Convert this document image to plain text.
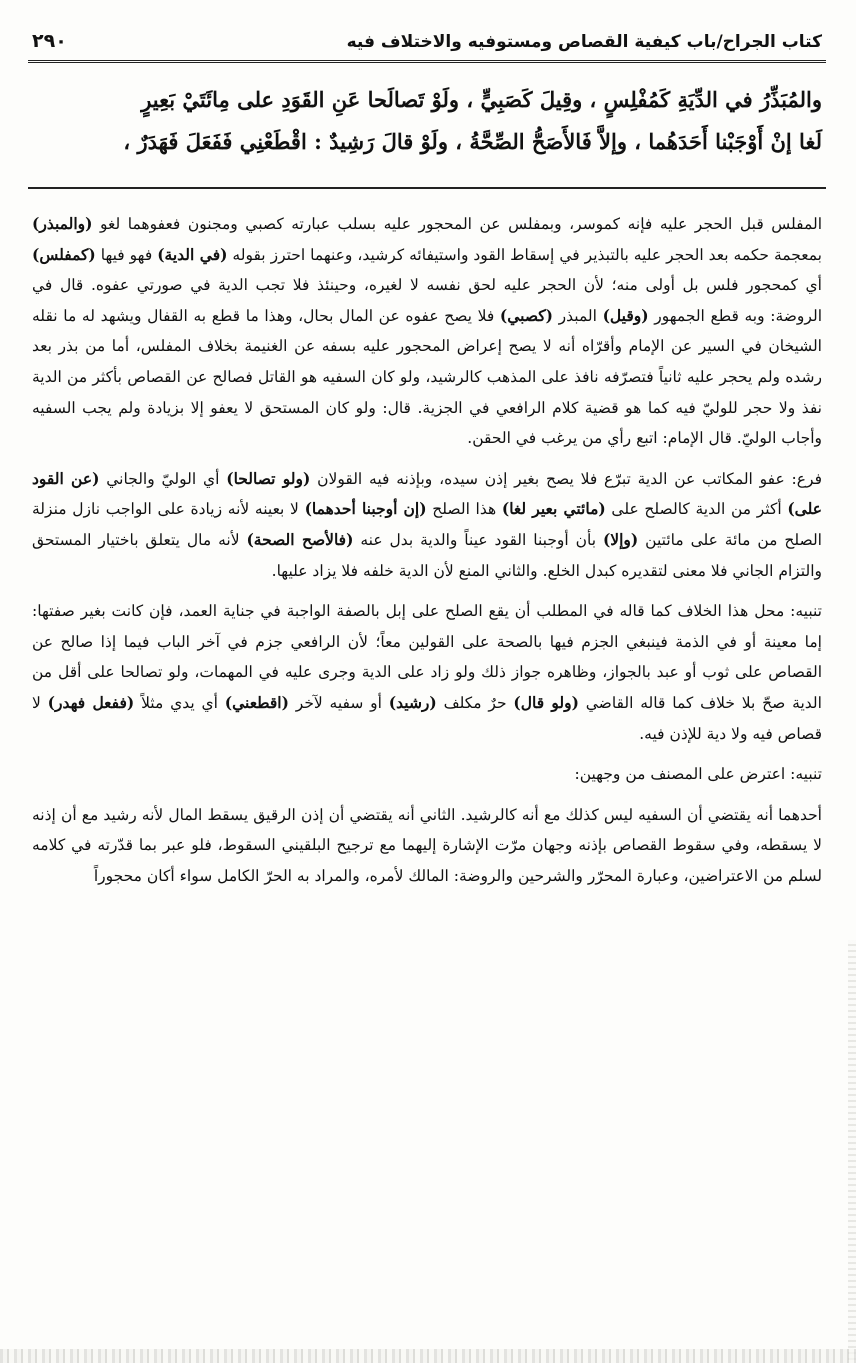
كتاب الجراح/باب كيفية القصاص ومستوفيه والاختلاف فيه
٢٩٠

والمُبَذِّرُ في الدِّيَةِ كَمُفْلِسٍ ، وقِيلَ كَصَبِيٍّ ، ولَوْ تَصالَحا عَنِ القَوَدِ على مِائَتَيْ بَعِيرٍ

لَغا إنْ أَوْجَبْنا أَحَدَهُما ، وإلاَّ فَالأَصَحُّ الصِّحَّةُ ، ولَوْ قالَ رَشِيدٌ : اقْطَعْنِي فَفَعَلَ فَهَدَرٌ ،

المفلس قبل الحجر عليه فإنه كموسر، وبمفلس عن المحجور عليه بسلب عبارته كصبي ومجنون فعفوهما لغو (والمبذر) بمعجمة حكمه بعد الحجر عليه بالتبذير في إسقاط القود واستيفائه كرشيد، وعنهما احترز بقوله (في الدية) فهو فيها (كمفلس) أي كمحجور فلس بل أولى منه؛ لأن الحجر عليه لحق نفسه لا لغيره، وحينئذ فلا تجب الدية في صورتي عفوه. قال في الروضة: وبه قطع الجمهور (وقيل) المبذر (كصبي) فلا يصح عفوه عن المال بحال، وهذا ما قطع به القفال ويشهد له ما نقله الشيخان في السير عن الإمام وأقرّاه أنه لا يصح إعراض المحجور عليه بسفه عن الغنيمة بخلاف المفلس، أما من بذر بعد رشده ولم يحجر عليه ثانياً فتصرّفه نافذ على المذهب كالرشيد، ولو كان السفيه هو القاتل فصالح عن القصاص بأكثر من الدية نفذ ولا حجر للوليّ فيه كما هو قضية كلام الرافعي في الجزية. قال: ولو كان المستحق لا يعفو إلا بزيادة ولم يجب السفيه وأجاب الوليّ. قال الإمام: اتبع رأي من يرغب في الحقن.

فرع: عفو المكاتب عن الدية تبرّع فلا يصح بغير إذن سيده، وبإذنه فيه القولان (ولو تصالحا) أي الوليّ والجاني (عن القود على) أكثر من الدية كالصلح على (مائتي بعير لغا) هذا الصلح (إن أوجبنا أحدهما) لا بعينه لأنه زيادة على الواجب نازل منزلة الصلح من مائة على مائتين (وإلا) بأن أوجبنا القود عيناً والدية بدل عنه (فالأصح الصحة) لأنه مال يتعلق باختيار المستحق والتزام الجاني فلا معنى لتقديره كبدل الخلع. والثاني المنع لأن الدية خلفه فلا يزاد عليها.

تنبيه: محل هذا الخلاف كما قاله في المطلب أن يقع الصلح على إبل بالصفة الواجبة في جناية العمد، فإن كانت بغير صفتها: إما معينة أو في الذمة فينبغي الجزم فيها بالصحة على القولين معاً؛ لأن الرافعي جزم في آخر الباب فيما إذا صالح عن القصاص على ثوب أو عبد بالجواز، وظاهره جواز ذلك ولو زاد على الدية وجرى عليه في المهمات، ولو تصالحا على أقل من الدية صحّ بلا خلاف كما قاله القاضي (ولو قال) حرٌ مكلف (رشيد) أو سفيه لآخر (اقطعني) أي يدي مثلاً (ففعل فهدر) لا قصاص فيه ولا دية للإذن فيه.

تنبيه: اعترض على المصنف من وجهين:

أحدهما أنه يقتضي أن السفيه ليس كذلك مع أنه كالرشيد. الثاني أنه يقتضي أن إذن الرقيق يسقط المال لأنه رشيد مع أن إذنه لا يسقطه، وفي سقوط القصاص بإذنه وجهان مرّت الإشارة إليهما مع ترجيح البلقيني السقوط، فلو عبر بما قدّرته في كلامه لسلم من الاعتراضين، وعبارة المحرّر والشرحين والروضة: المالك لأمره، والمراد به الحرّ الكامل سواء أكان محجوراً
